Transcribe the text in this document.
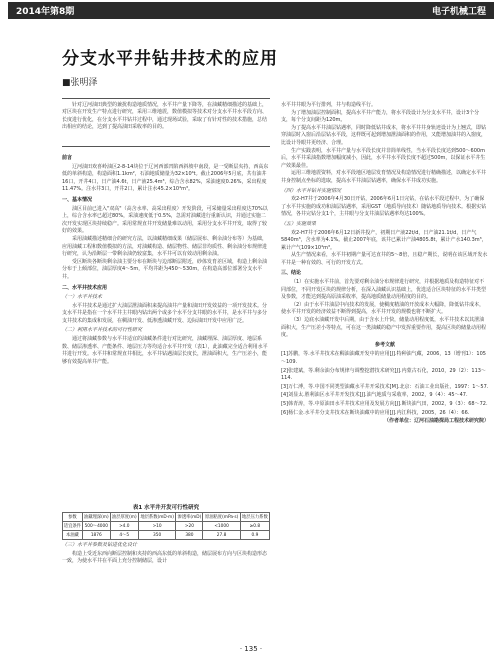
2014年第8期	电子机械工程
分支水平井钻井技术的应用
■张明泽

针对辽河油田典型的兼扰构造地质情况，水平井产量下降等，在油藏精细描述的基础上，对区块在开发生产特点进行研究，采用三维地震，数值模拟等技术对分支水平井水平段方向、长度进行优化，在分支水平井钻井过程中，通过现场试验，采取了有针对性的技术措施，总结出相应的结论，达到了提高油田采收率的目的。

前言

辽河油田欢喜岭油区2-8-14块位于辽河西部凹陷西斜坡中南段，是一受断层夹持，西高东低的单斜构造，构造面积1.1km²，石油地质储量为32×10⁴t。截止2006年5月底，共有油井16口，开井4口，日产油4.6t，日产液25.4m³，综合含水82%，采油速度0.26%，采出程度11.47%。注水井3口，开井2口，累计注水45.2×10⁴m³。

一、基本情况

油区目前已进入"双高"（高含水率、高采出程度）开发阶段，可采储量采出程度达70%以上，综合含水率已超过80%，采油速度低于0.5%，急需对油藏进行重新认识，并通过实施二次开发实现区块持续稳产。采用常规直井开发储量难以动用，采用分支水平井开发，取得了较好的效果。

采用油藏描述精细合的研究方法，以油藏精细成果（储层展布、剩余油分布等）为基础，应用油藏工程和数值模拟的方法，对油藏构造、储层物性、储层非均质性、剩余油分布规律进行研究，认为沿断层一带剩余油仍较富集，水平井可以有效动用剩余油。

受区断块各断块剩余油主要分布在断块与边部断层附近，砂体发育差区域，构造上剩余油分布于上倾部位，油层厚度4～5m，平均井距为450～530m，在构造高部位部署分支水平井。

二、水平井技术应用

（一）水平井技术

水平井技术是通过扩大油层泄油面积来提高油井产量和油田开发效益的一项开发技术。分支水平井是指在一个水平井主井眼内钻出两个或多个水平分支井眼的水平井，是水平井与多分支井技术的集成和发展，在稠油开发、低渗透油藏开发、边际油田开发中应用广泛。

（二）利用水平井技术的可行性研究

通过将油藏参数与水平井适宜的油藏条件进行对比研究，油藏埋深、油层厚度、地层系数、储层渗透率、产能条件、地层压力等均适合水平井开发（表1），此油藏完全适合利用水平井进行开发。水平井和常规直井相比，水平井钻遇油层长度长，泄油面积大，生产压差小，能够有效提高单井产能。

表1 水平井开发可行性研究
参数	油藏埋深(m)	油层厚度(m)	地层系数(mD·m)	渗透率(mD)	原油粘度(mPa·s)	地层压力系数
适宜条件	500～4000	>4.0	>10	>20	<1000	≥0.8
本油藏	1876	4～5	350	380	27.8	0.9

（三）水平井参数及钻进优化设计

构造上受近东西向断层控制和夹持的西高东低的单斜构造，储层展布方向与区块构造形态一致，为使水平井在平面上充分控制储层，设计

水平井井眼为平行排列，井与构造线平行。

为了增加油层控制面积，提高水平井产能力，将水平段设计为分支水平井，设计3个分支，每个分支间距为120m。

为了提高水平井油层钻遇率，同时降低钻井成本，将水平井井身轨迹设计为上翘式，即钻穿油层时入窗后沿层钻水平段，这样既可起到增加泄油面积的作用，又能增加油井的入窗度，比设计导眼井更经济、合理。

生产实践表明，水平井产量与水平段长度并非简单线性，当水平段长度达到500～600m后，水平井采油指数增加幅度减小，因此，水平井水平段长度不超过500m，以保证水平井生产效果最佳。

运用三维地震资料，对水平段地区地层发育情况及构造情况进行精确描述，以确定水平井井身控制点坐标的选取，提高水平井油层钻遇率，确保水平井成功实施。

（四）水平井钻井实施情况

欢2-H7井于2006年4月30日开钻，2006年6月1日完钻，在钻水平段过程中，为了确保了水平井实施的成功和油层钻遇率，采用GST（地质导向技术）随钻地质导向技术。根据实钻情况，各井完钻分支1个，主井眼与分支井油层钻遇率均达100%。

（五）实施效果

欢2-H7井于2006年6月12日新井投产，初期日产液22t/d，日产油21.1t/d，日产气5840m³，含水率为4.1%。截止2007年底，该井已累计产油4805.8t，累计产水140.3m³，累计产气109×10⁴m³。

从生产情况来看，水平井初期产量可达直井的5～8倍，且稳产期长，说明在该区域开发水平井是一种有效的、可行的开发方式。

三、结论

（1）在实施水平井前，首先要对剩余油分布规律进行研究，并根据地质及构造特征对不同部位，不同开发区块的规律分析，在深入油藏认识基础上，优选适合区块特征的水平井类型及参数，才能达到提高原油采收率，提高地质储量动用程度的目的。

（2）由于水平井油层中向技术的发展，使稠度精油的开放成本大幅降，降低钻井成本，使水平井开发的经济效益不断得到提高，水平井开发的规模也将不断扩大。

（3）边底水油藏开发中后期，由于含水上升快，储量动用程度低，水平井技术以其泄油面积大，生产压差小等特点，可在这一类油藏的稳产中发挥重要作用，提高区块的储量动用程度。

参考文献

[1]苏鹏，等.水平井技术在稠油油藏开发中的应用[J].特种油气藏，2006，13（增刊1）：105～109.

[2]张建斌，等.剩余油分布规律与调整挖潜技术研究[J].内蒙古石化，2010，29（2）：113～114.

[3]万仁溥，等.中国不同类型油藏水平井开采技术[M].北京：石油工业出版社，1997：1～57.

[4]刘显太.胜利油区水平井开发技术[J].油气地质与采收率，2002，9（4）：45～47.

[5]韩青涛，等.中原油田水平井技术应用及发展方向[J].断块油气田，2002，9（3）：68～72.

[6]杨仁金.水平井分支井技术在断块油藏中的应用[J].内江科技，2005，26（4）：66.

（作者单位：辽河石油勘探局工程技术研究院）

· 135 ·
